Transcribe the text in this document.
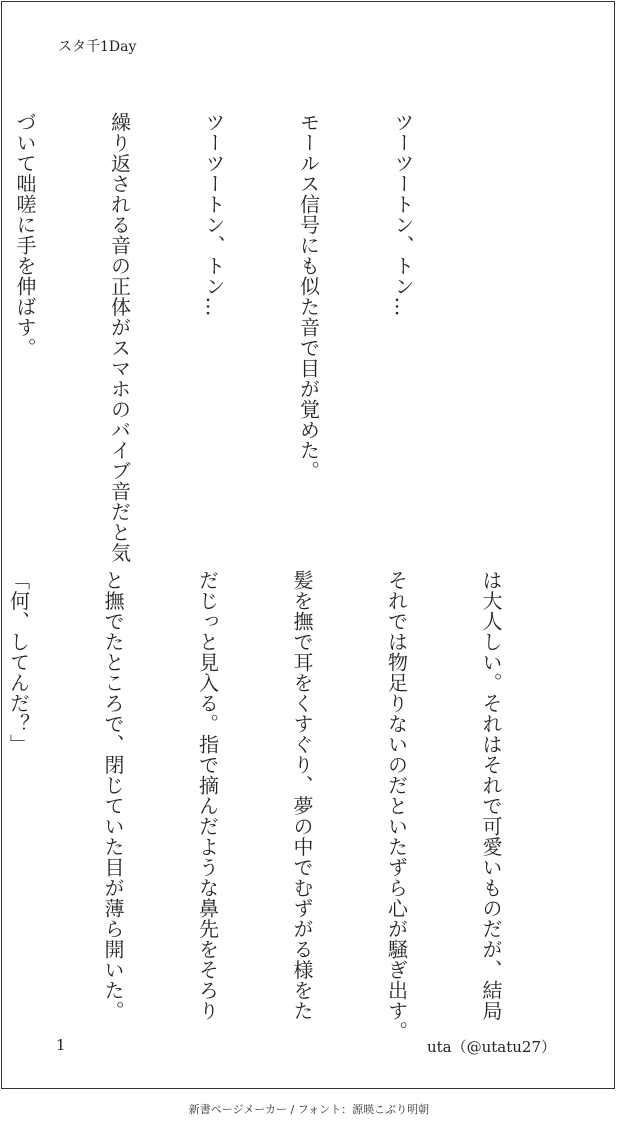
スタ千1Day

ツーツートン、トン…

モールス信号にも似た音で目が覚めた。

ツーツートン、トン…

繰り返される音の正体がスマホのバイブ音だと気

づいて咄嗟に手を伸ばす。

は大人しい。それはそれで可愛いものだが、結局

それでは物足りないのだといたずら心が騒ぎ出す。

髪を撫で耳をくすぐり、夢の中でむずがる様をた

だじっと見入る。指で摘んだような鼻先をそろり

と撫でたところで、閉じていた目が薄ら開いた。

「何、してんだ？」

1	uta（@utatu27）
新書ページメーカー / フォント：源暎こぶり明朝
